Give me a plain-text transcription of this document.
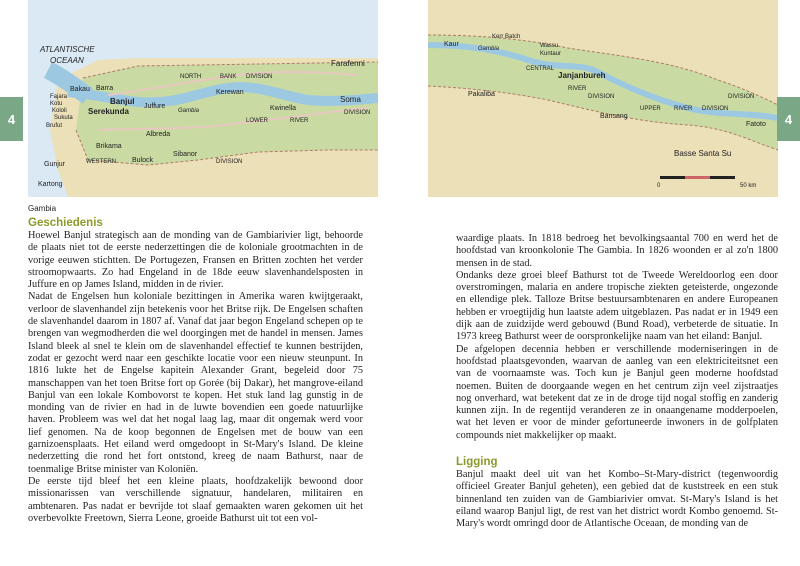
ATLANTISCHE
OCEAAN
Bakau
Fajara
Kotu
Kololi
Sukuta
Brufut
Barra
Banjul
Serekunda
Juffure
Kerewan
Albreda
Brikama
Bulock
Sibanor
Kwinella
Soma
Farafenni
Gunjur
Kartong
NORTH	BANK DIVISION
LOWER	RIVER
DIVISION
WESTERN	DIVISION
Gambia
4
Kaur
Kerr Batch
Wassu
Kuntaur
Janjanbureh
Pakaliba
Bansang
Fatoto
Basse Santa Su
CENTRAL
RIVER
DIVISION
UPPER RIVER DIVISION
DIVISION
Gambia
0	50 km
4
Gambia
Geschiedenis

Hoewel Banjul strategisch aan de monding van de Gambiarivier ligt, behoorde de plaats niet tot de eerste nederzettingen die de koloniale grootmachten in de vorige eeuwen stichtten. De Portugezen, Fransen en Britten zochten het verder stroomopwaarts. Zo had Engeland in de 18de eeuw slavenhandelsposten in Juffure en op James Island, midden in de rivier.

Nadat de Engelsen hun koloniale bezittingen in Amerika waren kwijtgeraakt, verloor de slavenhandel zijn betekenis voor het Britse rijk. De Engelsen schaften de slavenhandel daarom in 1807 af. Vanaf dat jaar begon Engeland schepen op te brengen van wegmodherden die wel doorgingen met de handel in mensen. James Island bleek al snel te klein om de slavenhandel effectief te kunnen bestrijden, zodat er gezocht werd naar een geschikte locatie voor een nieuw steunpunt. In 1816 lukte het de Engelse kapitein Alexander Grant, begeleid door 75 manschappen van het toen Britse fort op Gorée (bij Dakar), het mangrove-eiland Banjul van een lokale Kombovorst te kopen. Het stuk land lag gunstig in de monding van de rivier en had in de luwte bovendien een goede natuurlijke haven. Probleem was wel dat het nogal laag lag, maar dit ongemak werd voor lief genomen. Na de koop begonnen de Engelsen met de bouw van een garnizoensplaats. Het eiland werd omgedoopt in St-Mary's Island. De kleine nederzetting die rond het fort ontstond, kreeg de naam Bathurst, naar de toenmalige Britse minister van Koloniën.

De eerste tijd bleef het een kleine plaats, hoofdzakelijk bewoond door missionarissen van verschillende signatuur, handelaren, militairen en ambtenaren. Pas nadat er bevrijde tot slaaf gemaakten waren gekomen uit het overbevolkte Freetown, Sierra Leone, groeide Bathurst uit tot een vol-

waardige plaats. In 1818 bedroeg het bevolkingsaantal 700 en werd het de hoofdstad van kroonkolonie The Gambia. In 1826 woonden er al zo'n 1800 mensen in de stad.

Ondanks deze groei bleef Bathurst tot de Tweede Wereldoorlog een door overstromingen, malaria en andere tropische ziekten geteisterde, ongezonde en ellendige plek. Talloze Britse bestuursambtenaren en andere Europeanen hebben er vroegtijdig hun laatste adem uitgeblazen. Pas nadat er in 1949 een dijk aan de zuidzijde werd gebouwd (Bund Road), verbeterde de situatie. In 1973 kreeg Bathurst weer de oorspronkelijke naam van het eiland: Banjul.

De afgelopen decennia hebben er verschillende moderniseringen in de hoofdstad plaatsgevonden, waarvan de aanleg van een elektriciteitsnet een van de voornaamste was. Toch kun je Banjul geen moderne hoofdstad noemen. Buiten de doorgaande wegen en het centrum zijn veel zijstraatjes nog onverhard, wat betekent dat ze in de droge tijd nogal stoffig en zanderig kunnen zijn. In de regentijd veranderen ze in onaangename modderpoelen, wat het leven er voor de minder gefortuneerde inwoners in de golfplaten compounds niet makkelijker op maakt.

Ligging

Banjul maakt deel uit van het Kombo–St-Mary-district (tegenwoordig officieel Greater Banjul geheten), een gebied dat de kuststreek en een stuk binnenland ten zuiden van de Gambiarivier omvat. St-Mary's Island is het eiland waarop Banjul ligt, de rest van het district wordt Kombo genoemd. St-Mary's wordt omringd door de Atlantische Oceaan, de monding van de
